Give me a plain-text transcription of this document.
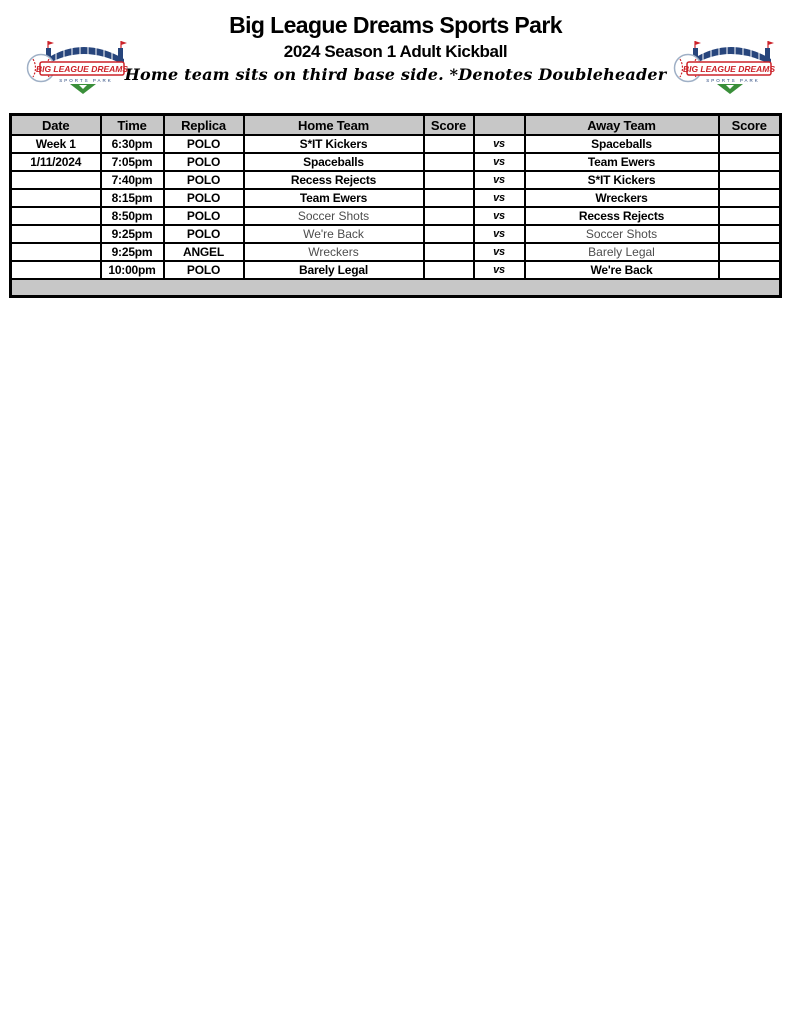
BIG LEAGUE DREAMS
SPORTS PARK
BIG LEAGUE DREAMS
SPORTS PARK
Big League Dreams Sports Park
2024 Season 1 Adult Kickball
Home team sits on third base side. *Denotes Doubleheader
Date	Time	Replica	Home Team	Score		Away Team	Score
Week 1	6:30pm	POLO	S*IT Kickers		vs	Spaceballs	
1/11/2024	7:05pm	POLO	Spaceballs		vs	Team Ewers	
	7:40pm	POLO	Recess Rejects		vs	S*IT Kickers	
	8:15pm	POLO	Team Ewers		vs	Wreckers	
	8:50pm	POLO	Soccer Shots		vs	Recess Rejects	
	9:25pm	POLO	We're Back		vs	Soccer Shots	
	9:25pm	ANGEL	Wreckers		vs	Barely Legal	
	10:00pm	POLO	Barely Legal		vs	We're Back	
